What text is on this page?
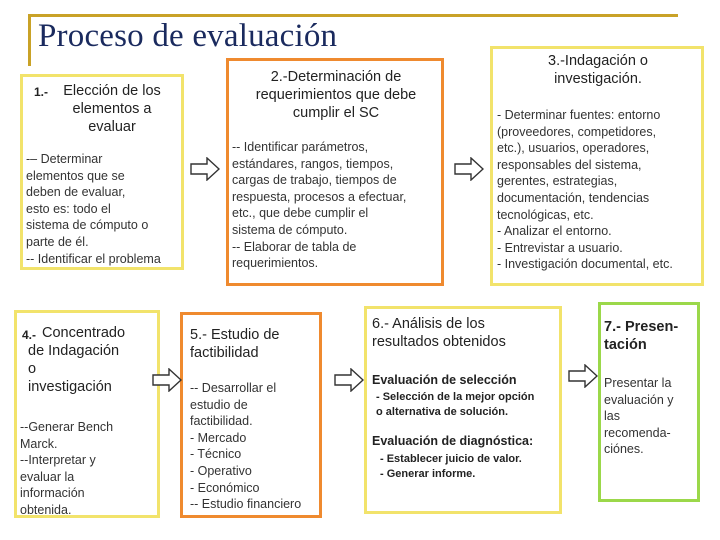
Proceso de evaluación
1.-	Elección de los
elementos a
evaluar
-– Determinar
elementos que se
deben de evaluar,
esto es: todo el
sistema de cómputo o
parte de él.
-- Identificar el problema
2.-Determinación de
requerimientos que debe
cumplir el SC
-- Identificar parámetros,
estándares, rangos, tiempos,
cargas de trabajo, tiempos de
respuesta, procesos a efectuar,
etc., que debe cumplir el
sistema de cómputo.
-- Elaborar de tabla de
requerimientos.
3.-Indagación o
investigación.
- Determinar fuentes: entorno
(proveedores, competidores,
etc.), usuarios, operadores,
responsables del sistema,
gerentes, estrategias,
documentación, tendencias
tecnológicas, etc.
- Analizar el entorno.
- Entrevistar a usuario.
- Investigación documental, etc.
4.- Concentrado
de Indagación
o
investigación
--Generar Bench
Marck.
--Interpretar y
evaluar la
información
obtenida.
5.- Estudio de
factibilidad
-- Desarrollar el
estudio de
factibilidad.
- Mercado
- Técnico
- Operativo
- Económico
-- Estudio financiero
6.- Análisis de los
resultados obtenidos
Evaluación de selección
- Selección de la mejor opción
o alternativa de solución.
Evaluación de diagnóstica:
- Establecer juicio de valor.
- Generar informe.
7.- Presen-
tación
Presentar la
evaluación y
las
recomenda-
ciónes.
